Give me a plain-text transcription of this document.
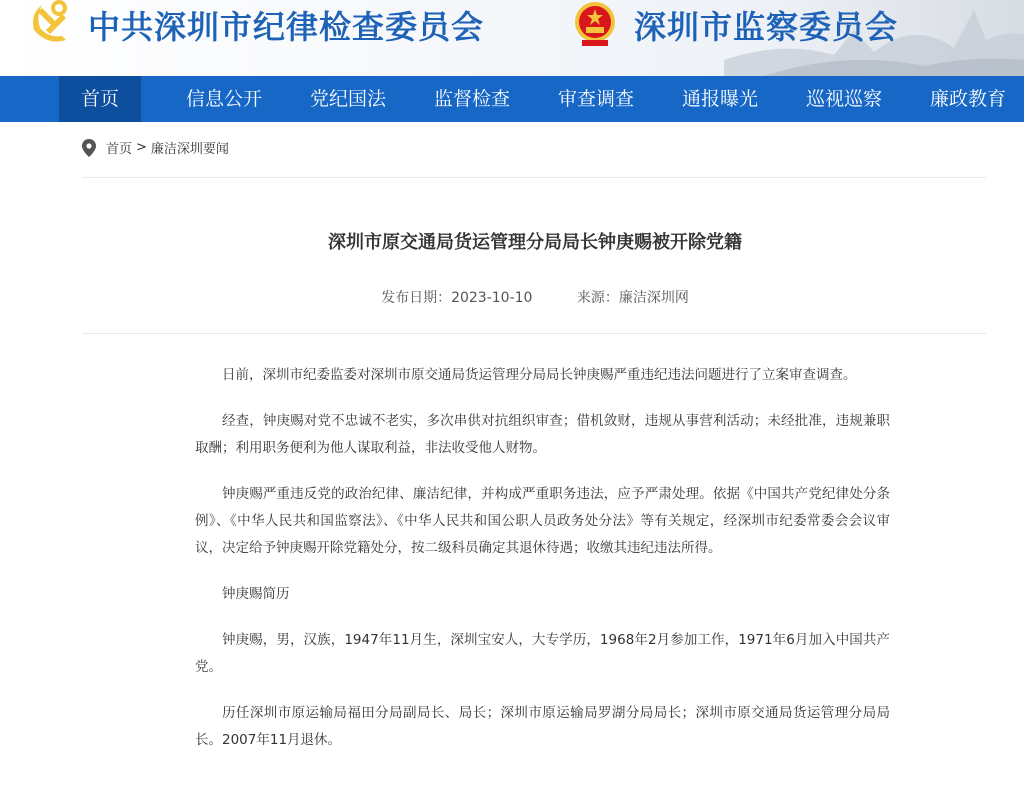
中共深圳市纪律检查委员会	深圳市监察委员会
首页	信息公开	党纪国法	监督检查	审查调查	通报曝光	巡视巡察	廉政教育
首页 > 廉洁深圳要闻
深圳市原交通局货运管理分局局长钟庚赐被开除党籍
发布日期：2023-10-10	来源：廉洁深圳网

日前，深圳市纪委监委对深圳市原交通局货运管理分局局长钟庚赐严重违纪违法问题进行了立案审查调查。

经查，钟庚赐对党不忠诚不老实，多次串供对抗组织审查；借机敛财，违规从事营利活动；未经批准，违规兼职取酬；利用职务便利为他人谋取利益，非法收受他人财物。

钟庚赐严重违反党的政治纪律、廉洁纪律，并构成严重职务违法，应予严肃处理。依据《中国共产党纪律处分条例》、《中华人民共和国监察法》、《中华人民共和国公职人员政务处分法》等有关规定，经深圳市纪委常委会会议审议，决定给予钟庚赐开除党籍处分，按二级科员确定其退休待遇；收缴其违纪违法所得。

钟庚赐简历

钟庚赐，男，汉族，1947年11月生，深圳宝安人，大专学历，1968年2月参加工作，1971年6月加入中国共产党。

历任深圳市原运输局福田分局副局长、局长；深圳市原运输局罗湖分局局长；深圳市原交通局货运管理分局局长。2007年11月退休。
